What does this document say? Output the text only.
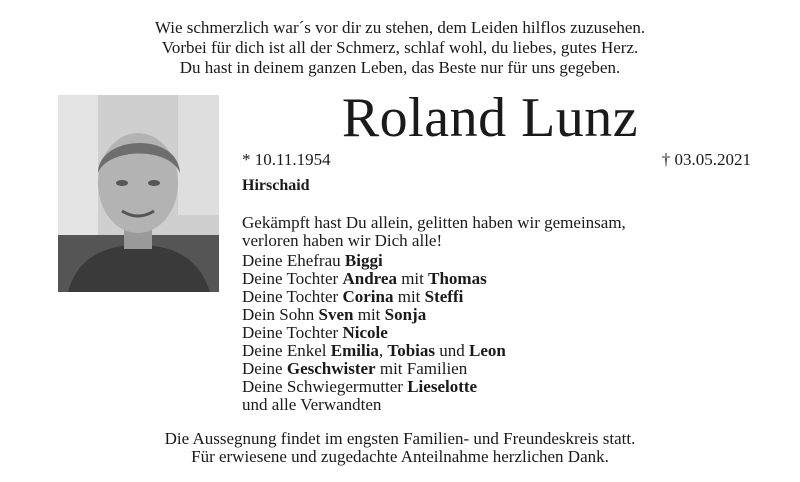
Wie schmerzlich war´s vor dir zu stehen, dem Leiden hilflos zuzusehen.
Vorbei für dich ist all der Schmerz, schlaf wohl, du liebes, gutes Herz.
Du hast in deinem ganzen Leben, das Beste nur für uns gegeben.
Roland Lunz
* 10.11.1954	† 03.05.2021
Hirschaid
Gekämpft hast Du allein, gelitten haben wir gemeinsam,
verloren haben wir Dich alle!
Deine Ehefrau Biggi
Deine Tochter Andrea mit Thomas
Deine Tochter Corina mit Steffi
Dein Sohn Sven mit Sonja
Deine Tochter Nicole
Deine Enkel Emilia, Tobias und Leon
Deine Geschwister mit Familien
Deine Schwiegermutter Lieselotte
und alle Verwandten
Die Aussegnung findet im engsten Familien- und Freundeskreis statt.
Für erwiesene und zugedachte Anteilnahme herzlichen Dank.
